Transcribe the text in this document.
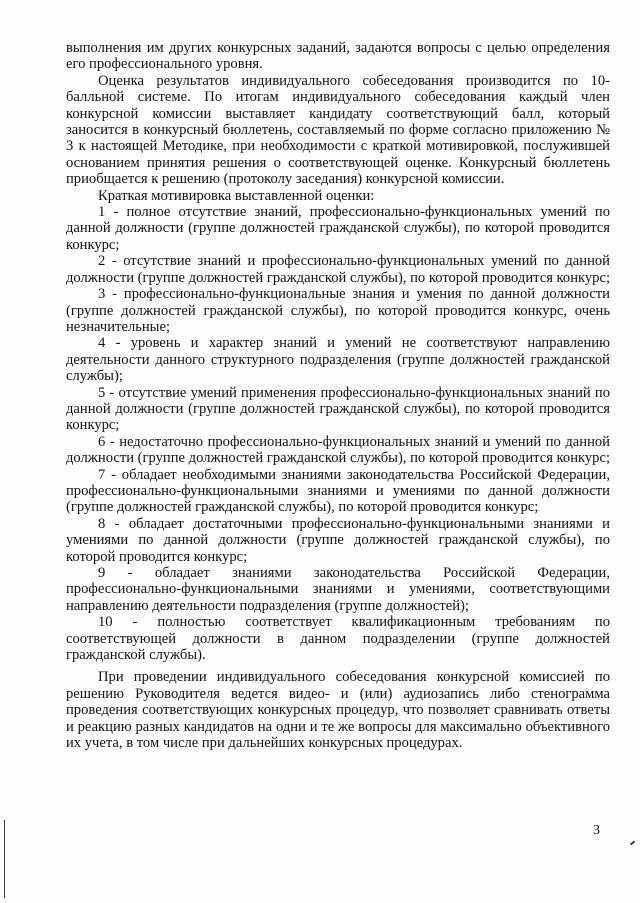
выполнения им других конкурсных заданий, задаются вопросы с целью определения его профессионального уровня.

Оценка результатов индивидуального собеседования производится по 10-балльной системе. По итогам индивидуального собеседования каждый член конкурсной комиссии выставляет кандидату соответствующий балл, который заносится в конкурсный бюллетень, составляемый по форме согласно приложению № 3 к настоящей Методике, при необходимости с краткой мотивировкой, послужившей основанием принятия решения о соответствующей оценке. Конкурсный бюллетень приобщается к решению (протоколу заседания) конкурсной комиссии.

Краткая мотивировка выставленной оценки:

1 - полное отсутствие знаний, профессионально-функциональных умений по данной должности (группе должностей гражданской службы), по которой проводится конкурс;

2 - отсутствие знаний и профессионально-функциональных умений по данной должности (группе должностей гражданской службы), по которой проводится конкурс;

3 - профессионально-функциональные знания и умения по данной должности (группе должностей гражданской службы), по которой проводится конкурс, очень незначительные;

4 - уровень и характер знаний и умений не соответствуют направлению деятельности данного структурного подразделения (группе должностей гражданской службы);

5 - отсутствие умений применения профессионально-функциональных знаний по данной должности (группе должностей гражданской службы), по которой проводится конкурс;

6 - недостаточно профессионально-функциональных знаний и умений по данной должности (группе должностей гражданской службы), по которой проводится конкурс;

7 - обладает необходимыми знаниями законодательства Российской Федерации, профессионально-функциональными знаниями и умениями по данной должности (группе должностей гражданской службы), по которой проводится конкурс;

8 - обладает достаточными профессионально-функциональными знаниями и умениями по данной должности (группе должностей гражданской службы), по которой проводится конкурс;

9 - обладает знаниями законодательства Российской Федерации, профессионально-функциональными знаниями и умениями, соответствующими направлению деятельности подразделения (группе должностей);

10 - полностью соответствует квалификационным требованиям по соответствующей должности в данном подразделении (группе должностей гражданской службы).

При проведении индивидуального собеседования конкурсной комиссией по решению Руководителя ведется видео- и (или) аудиозапись либо стенограмма проведения соответствующих конкурсных процедур, что позволяет сравнивать ответы и реакцию разных кандидатов на одни и те же вопросы для максимально объективного их учета, в том числе при дальнейших конкурсных процедурах.

3
